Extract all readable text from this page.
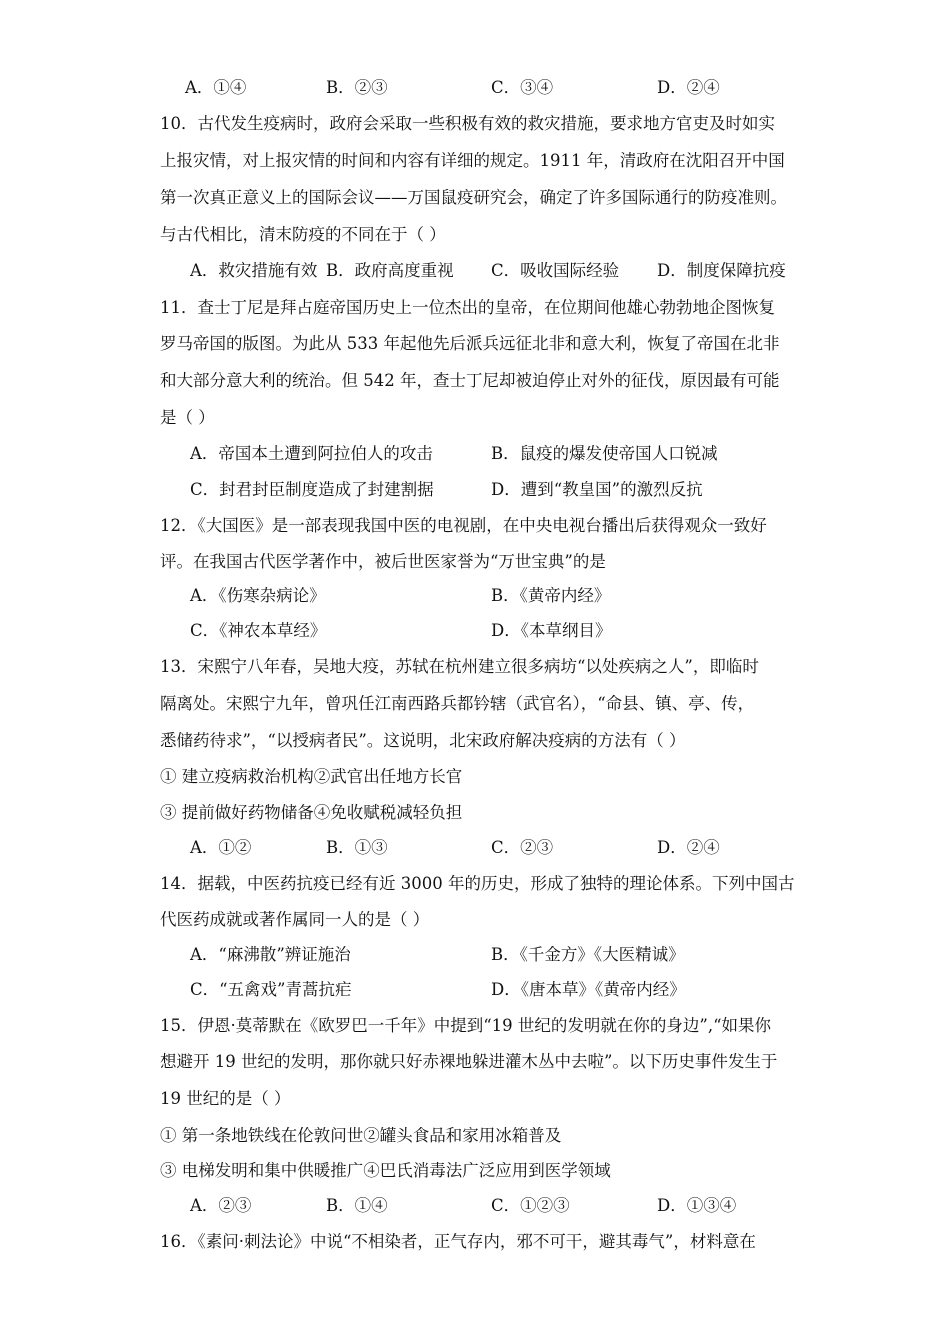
A．①④	B．②③	C．③④	D．②④
10．古代发生疫病时，政府会采取一些积极有效的救灾措施，要求地方官吏及时如实
上报灾情，对上报灾情的时间和内容有详细的规定。1911 年，清政府在沈阳召开中国
第一次真正意义上的国际会议——万国鼠疫研究会，确定了许多国际通行的防疫准则。
与古代相比，清末防疫的不同在于（ ）
A．救灾措施有效 B．政府高度重视 C．吸收国际经验 D．制度保障抗疫
11．查士丁尼是拜占庭帝国历史上一位杰出的皇帝，在位期间他雄心勃勃地企图恢复
罗马帝国的版图。为此从 533 年起他先后派兵远征北非和意大利，恢复了帝国在北非
和大部分意大利的统治。但 542 年，查士丁尼却被迫停止对外的征伐，原因最有可能
是（ ）
A．帝国本土遭到阿拉伯人的攻击	B．鼠疫的爆发使帝国人口锐减
C．封君封臣制度造成了封建割据	D．遭到“教皇国”的激烈反抗
12．《大国医》是一部表现我国中医的电视剧，在中央电视台播出后获得观众一致好
评。在我国古代医学著作中，被后世医家誉为“万世宝典”的是
A．《伤寒杂病论》	B．《黄帝内经》
C．《神农本草经》	D．《本草纲目》
13．宋熙宁八年春，吴地大疫，苏轼在杭州建立很多病坊“以处疾病之人”，即临时
隔离处。宋熙宁九年，曾巩任江南西路兵都钤辖（武官名），“命县、镇、亭、传，
悉储药待求”，“以授病者民”。这说明，北宋政府解决疫病的方法有（ ）
① 建立疫病救治机构②武官出任地方长官
③ 提前做好药物储备④免收赋税减轻负担
A．①②	B．①③	C．②③	D．②④
14．据载，中医药抗疫已经有近 3000 年的历史，形成了独特的理论体系。下列中国古
代医药成就或著作属同一人的是（ ）
A．“麻沸散”辨证施治	B．《千金方》《大医精诚》
C．“五禽戏”青蒿抗疟	D．《唐本草》《黄帝内经》
15．伊恩·莫蒂默在《欧罗巴一千年》中提到“19 世纪的发明就在你的身边”,“如果你
想避开 19 世纪的发明，那你就只好赤裸地躲进灌木丛中去啦”。以下历史事件发生于
19 世纪的是（ ）
① 第一条地铁线在伦敦问世②罐头食品和家用冰箱普及
③ 电梯发明和集中供暖推广④巴氏消毒法广泛应用到医学领域
A．②③	B．①④	C．①②③	D．①③④
16．《素问·刺法论》中说“不相染者，正气存内，邪不可干，避其毒气”，材料意在
